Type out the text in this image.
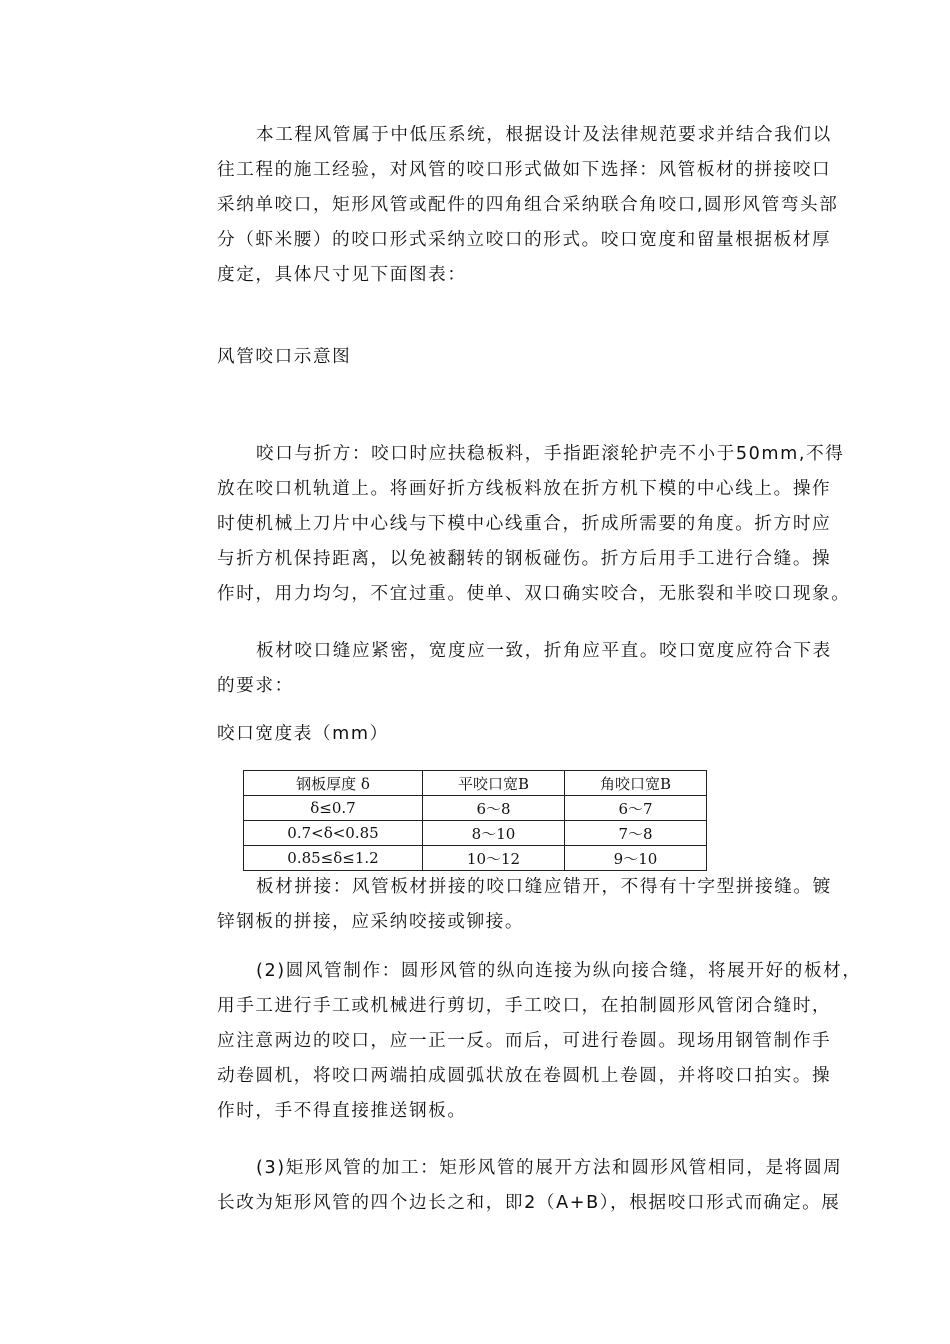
本工程风管属于中低压系统，根据设计及法律规范要求并结合我们以
往工程的施工经验，对风管的咬口形式做如下选择：风管板材的拼接咬口
采纳单咬口，矩形风管或配件的四角组合采纳联合角咬口,圆形风管弯头部
分（虾米腰）的咬口形式采纳立咬口的形式。咬口宽度和留量根据板材厚
度定，具体尺寸见下面图表：
风管咬口示意图
咬口与折方：咬口时应扶稳板料，手指距滚轮护壳不小于50mm,不得
放在咬口机轨道上。将画好折方线板料放在折方机下模的中心线上。操作
时使机械上刀片中心线与下模中心线重合，折成所需要的角度。折方时应
与折方机保持距离，以免被翻转的钢板碰伤。折方后用手工进行合缝。操
作时，用力均匀，不宜过重。使单、双口确实咬合，无胀裂和半咬口现象。
板材咬口缝应紧密，宽度应一致，折角应平直。咬口宽度应符合下表
的要求：
咬口宽度表（mm）
钢板厚度 δ	平咬口宽B	角咬口宽B
δ≤0.7	6～8	6～7
0.7<δ<0.85	8～10	7～8
0.85≤δ≤1.2	10～12	9～10
板材拼接：风管板材拼接的咬口缝应错开，不得有十字型拼接缝。镀
锌钢板的拼接，应采纳咬接或铆接。
(2)圆风管制作：圆形风管的纵向连接为纵向接合缝，将展开好的板材，
用手工进行手工或机械进行剪切，手工咬口，在拍制圆形风管闭合缝时，
应注意两边的咬口，应一正一反。而后，可进行卷圆。现场用钢管制作手
动卷圆机，将咬口两端拍成圆弧状放在卷圆机上卷圆，并将咬口拍实。操
作时，手不得直接推送钢板。
(3)矩形风管的加工：矩形风管的展开方法和圆形风管相同，是将圆周
长改为矩形风管的四个边长之和，即2（A+B），根据咬口形式而确定。展
